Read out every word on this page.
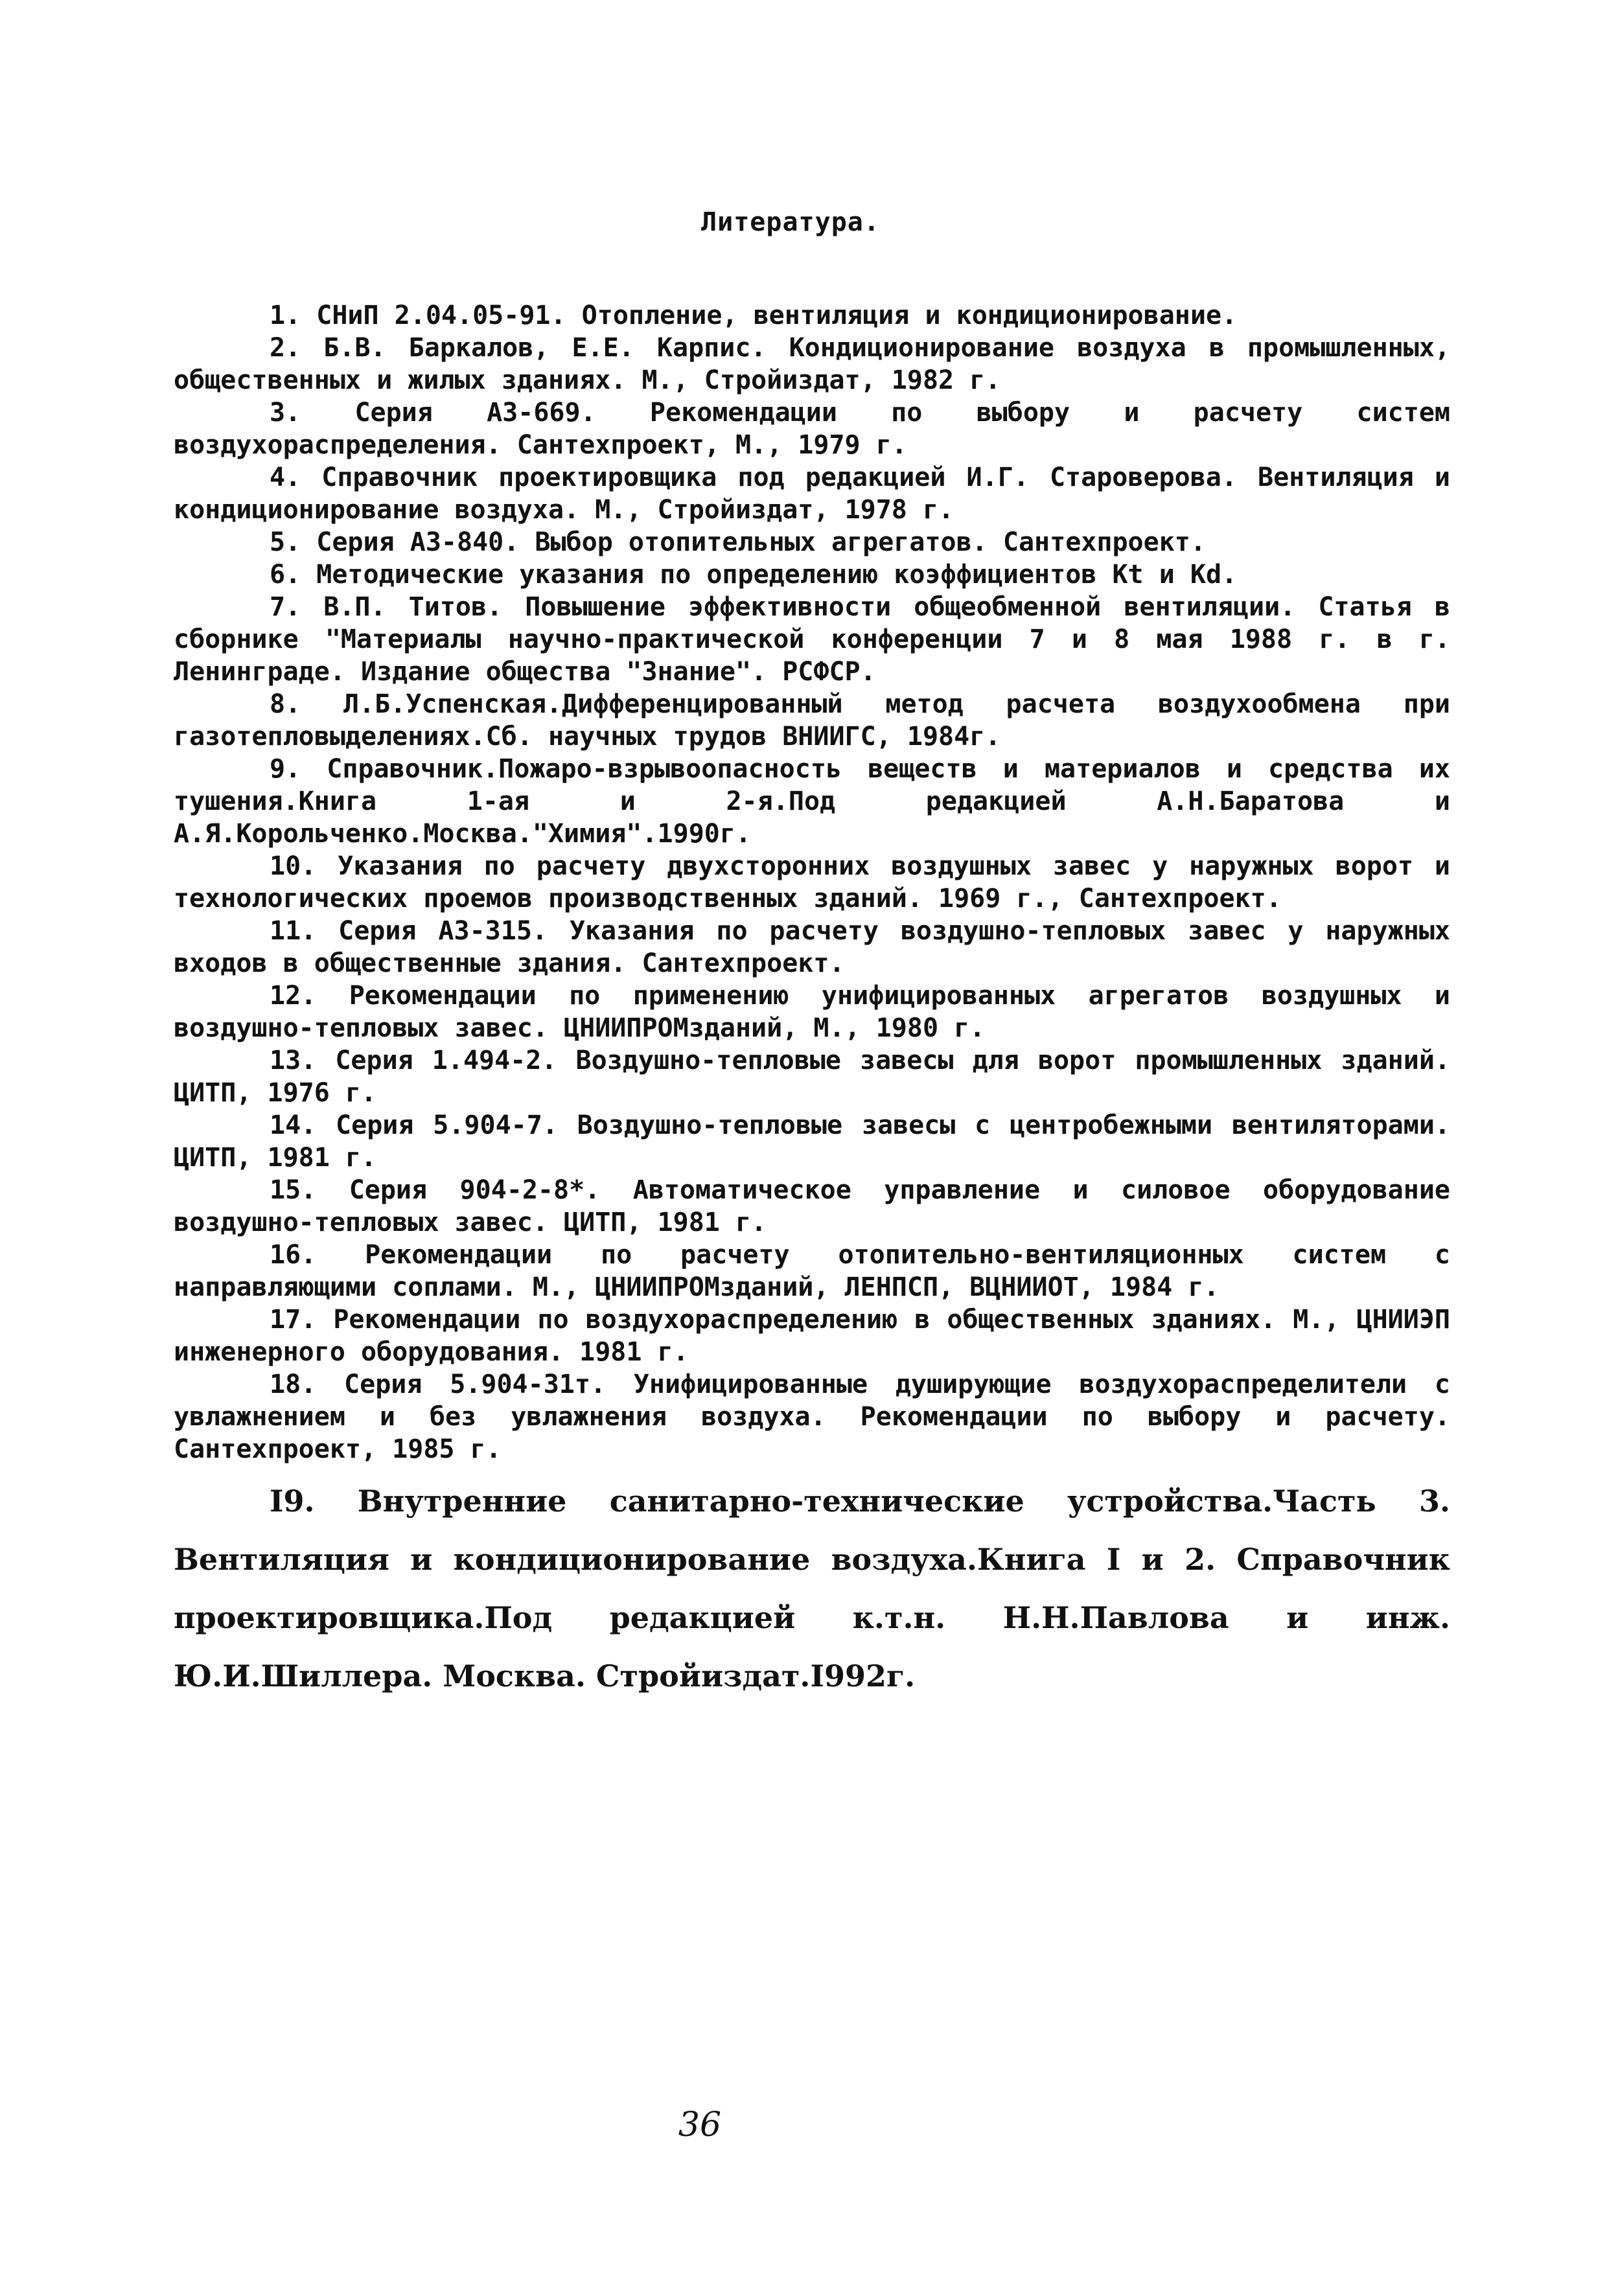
Литература.

1. СНиП 2.04.05-91. Отопление, вентиляция и кондиционирование.

2. Б.В. Баркалов, Е.Е. Карпис. Кондиционирование воздуха в промышленных, общественных и жилых зданиях. М., Стройиздат, 1982 г.

3. Серия АЗ-669. Рекомендации по выбору и расчету систем воздухораспределения. Сантехпроект, М., 1979 г.

4. Справочник проектировщика под редакцией И.Г. Староверова. Вентиляция и кондиционирование воздуха. М., Стройиздат, 1978 г.

5. Серия АЗ-840. Выбор отопительных агрегатов. Сантехпроект.

6. Методические указания по определению коэффициентов Kt и Kd.

7. В.П. Титов. Повышение эффективности общеобменной вентиляции. Статья в сборнике "Материалы научно-практической конференции 7 и 8 мая 1988 г. в г. Ленинграде. Издание общества "Знание". РСФСР.

8. Л.Б.Успенская.Дифференцированный метод расчета воздухообмена при газотепловыделениях.Сб. научных трудов ВНИИГС, 1984г.

9. Справочник.Пожаро-взрывоопасность веществ и материалов и средства их тушения.Книга 1-ая и 2-я.Под редакцией А.Н.Баратова и А.Я.Корольченко.Москва."Химия".1990г.

10. Указания по расчету двухсторонних воздушных завес у наружных ворот и технологических проемов производственных зданий. 1969 г., Сантехпроект.

11. Серия АЗ-315. Указания по расчету воздушно-тепловых завес у наружных входов в общественные здания. Сантехпроект.

12. Рекомендации по применению унифицированных агрегатов воздушных и воздушно-тепловых завес. ЦНИИПРОМзданий, М., 1980 г.

13. Серия 1.494-2. Воздушно-тепловые завесы для ворот промышленных зданий. ЦИТП, 1976 г.

14. Серия 5.904-7. Воздушно-тепловые завесы с центробежными вентиляторами. ЦИТП, 1981 г.

15. Серия 904-2-8*. Автоматическое управление и силовое оборудование воздушно-тепловых завес. ЦИТП, 1981 г.

16. Рекомендации по расчету отопительно-вентиляционных систем с направляющими соплами. М., ЦНИИПРОМзданий, ЛЕНПСП, ВЦНИИОТ, 1984 г.

17. Рекомендации по воздухораспределению в общественных зданиях. М., ЦНИИЭП инженерного оборудования. 1981 г.

18. Серия 5.904-31т. Унифицированные душирующие воздухораспределители с увлажнением и без увлажнения воздуха. Рекомендации по выбору и расчету. Сантехпроект, 1985 г.

I9. Внутренние санитарно-технические устройства.Часть 3. Вентиляция и кондиционирование воздуха.Книга I и 2. Справочник проектировщика.Под редакцией к.т.н. Н.Н.Павлова и инж. Ю.И.Шиллера. Москва. Стройиздат.I992г.

36
